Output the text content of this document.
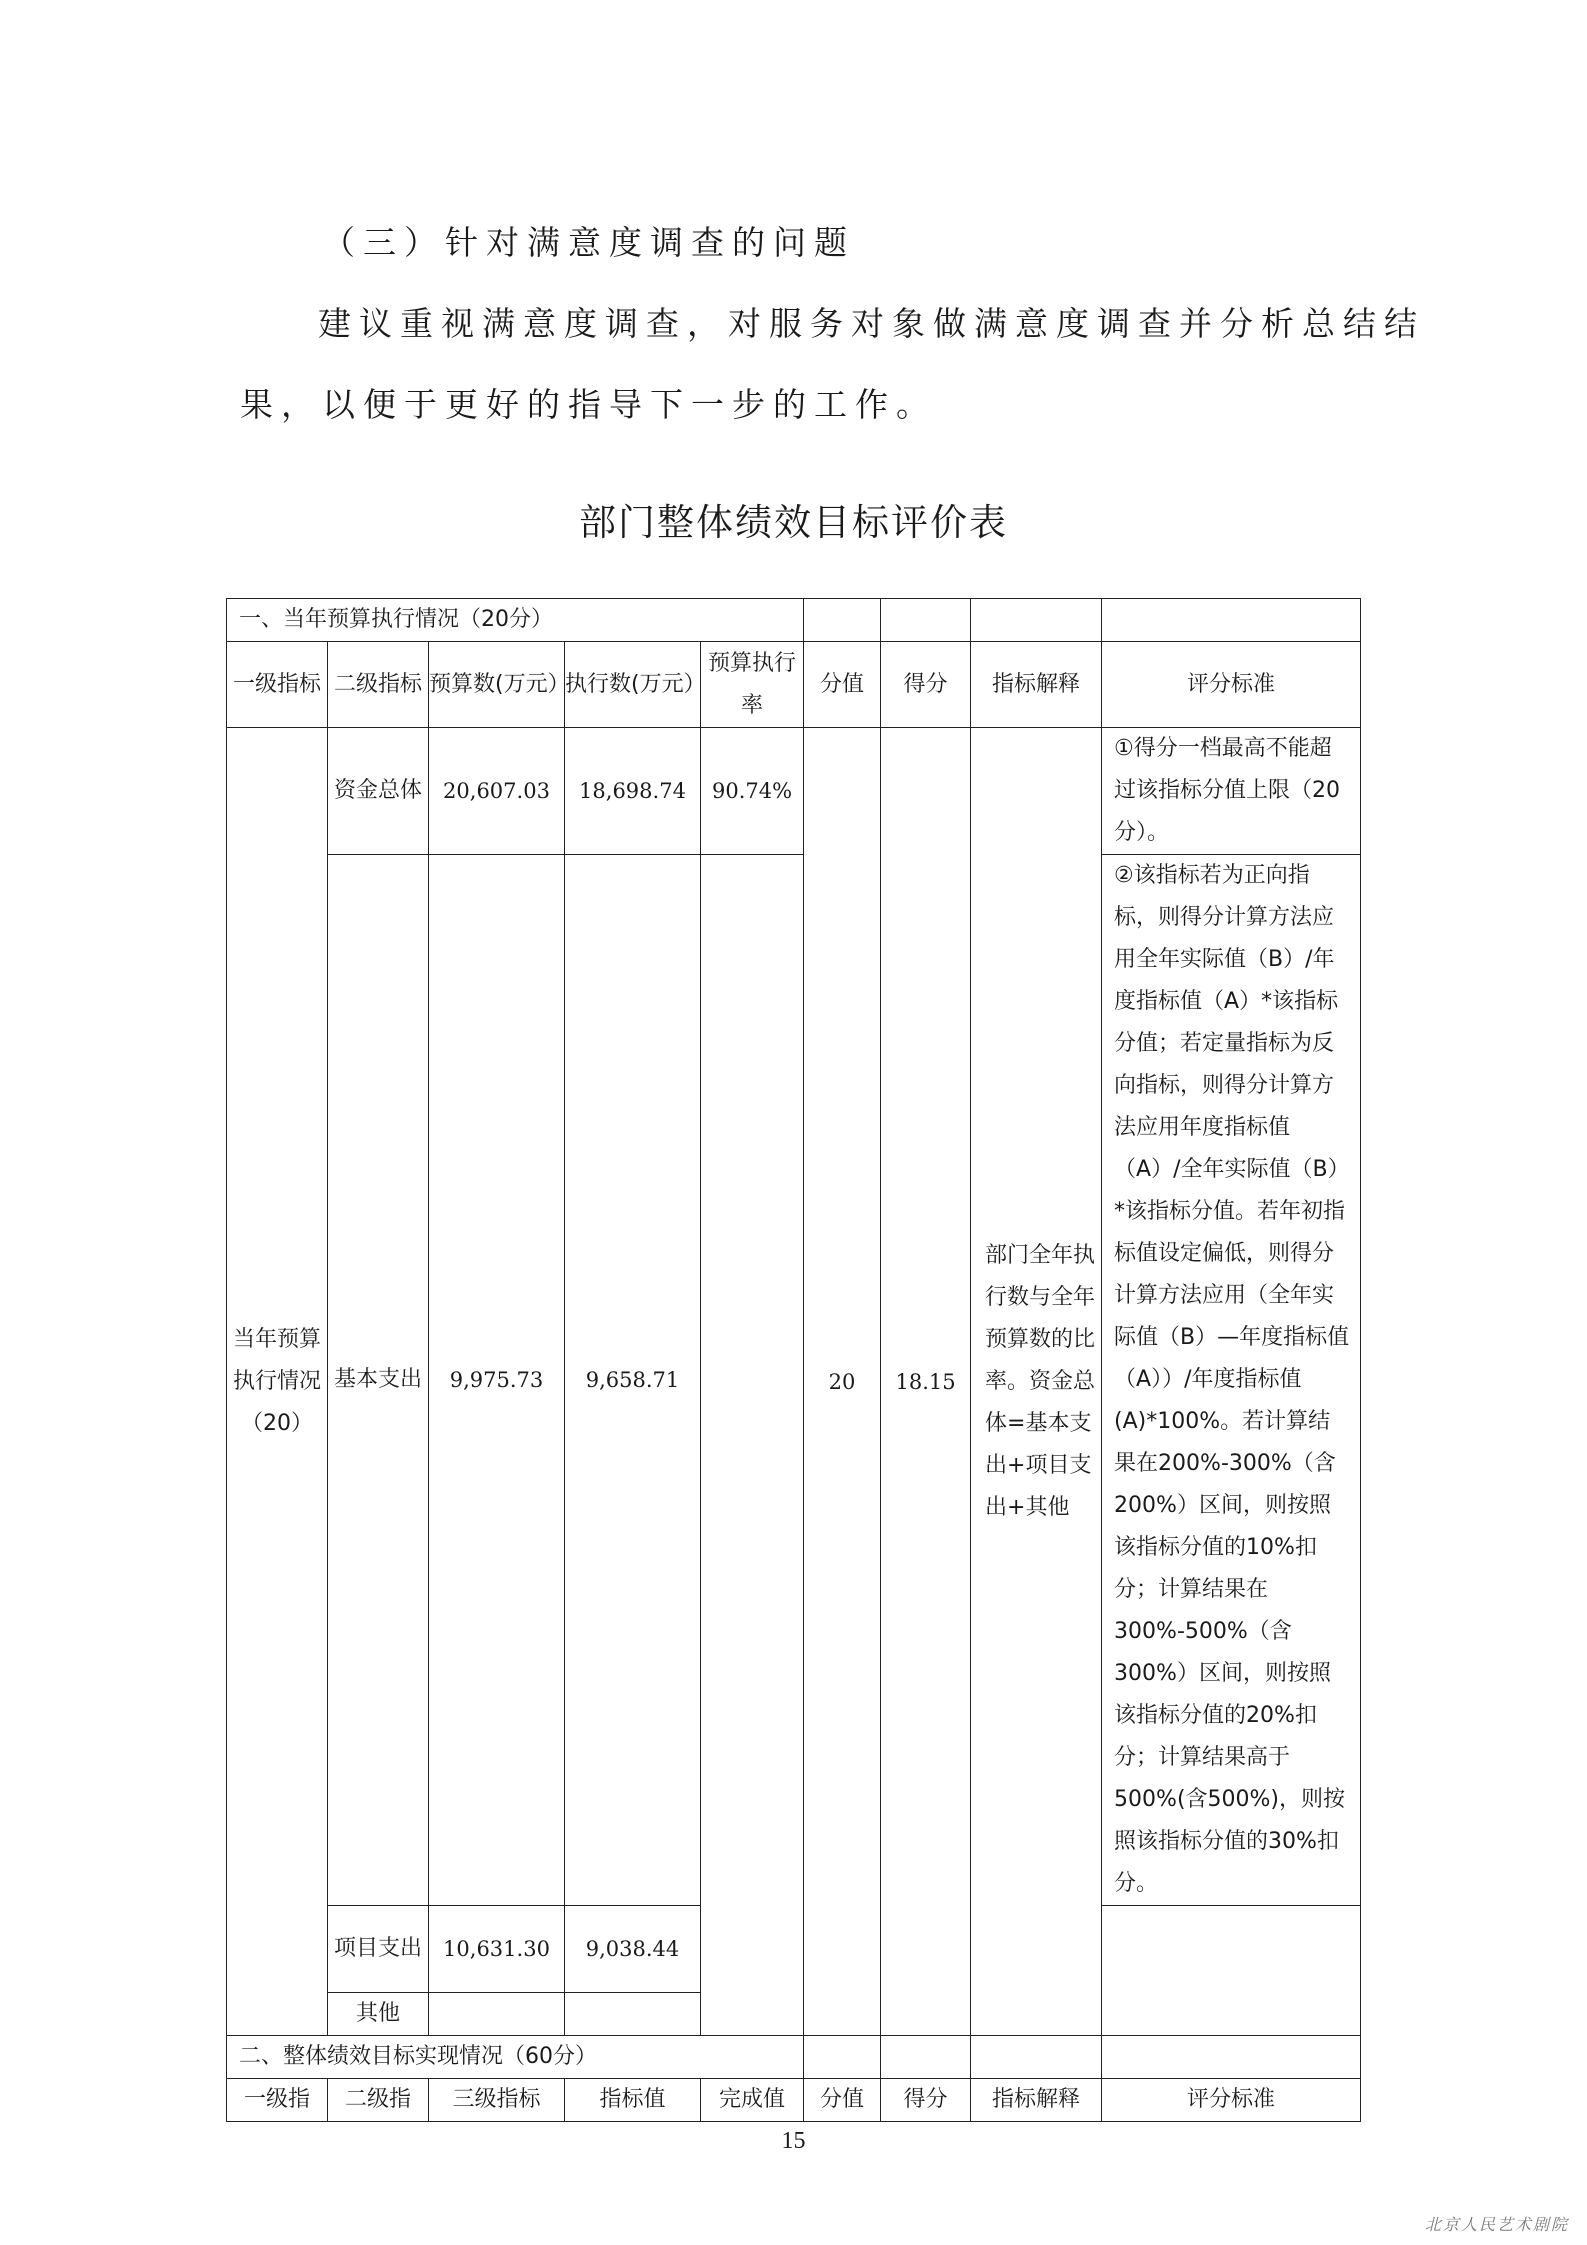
（三）针对满意度调查的问题
建议重视满意度调查，对服务对象做满意度调查并分析总结结
果，以便于更好的指导下一步的工作。
部门整体绩效目标评价表
一、当年预算执行情况（20分）								
一级指标	二级指标	预算数(万元）	执行数(万元）	预算执行率	分值	得分	指标解释	评分标准
当年预算执行情况（20）	资金总体	20,607.03	18,698.74	90.74%	20	18.15	部门全年执行数与全年预算数的比率。资金总体=基本支出+项目支出+其他	①得分一档最高不能超过该指标分值上限（20分）。
	基本支出	9,975.73	9,658.71					②该指标若为正向指标，则得分计算方法应用全年实际值（B）/年度指标值（A）*该指标分值；若定量指标为反向指标，则得分计算方法应用年度指标值（A）/全年实际值（B）*该指标分值。若年初指标值设定偏低，则得分计算方法应用（全年实际值（B）—年度指标值（A））/年度指标值(A)*100%。若计算结果在200%-300%（含200%）区间，则按照该指标分值的10%扣分；计算结果在300%-500%（含300%）区间，则按照该指标分值的20%扣分；计算结果高于500%(含500%)，则按照该指标分值的30%扣分。
	项目支出	10,631.30	9,038.44					
	其他							
二、整体绩效目标实现情况（60分）								
一级指	二级指	三级指标	指标值	完成值	分值	得分	指标解释	评分标准
15
北京人民艺术剧院
